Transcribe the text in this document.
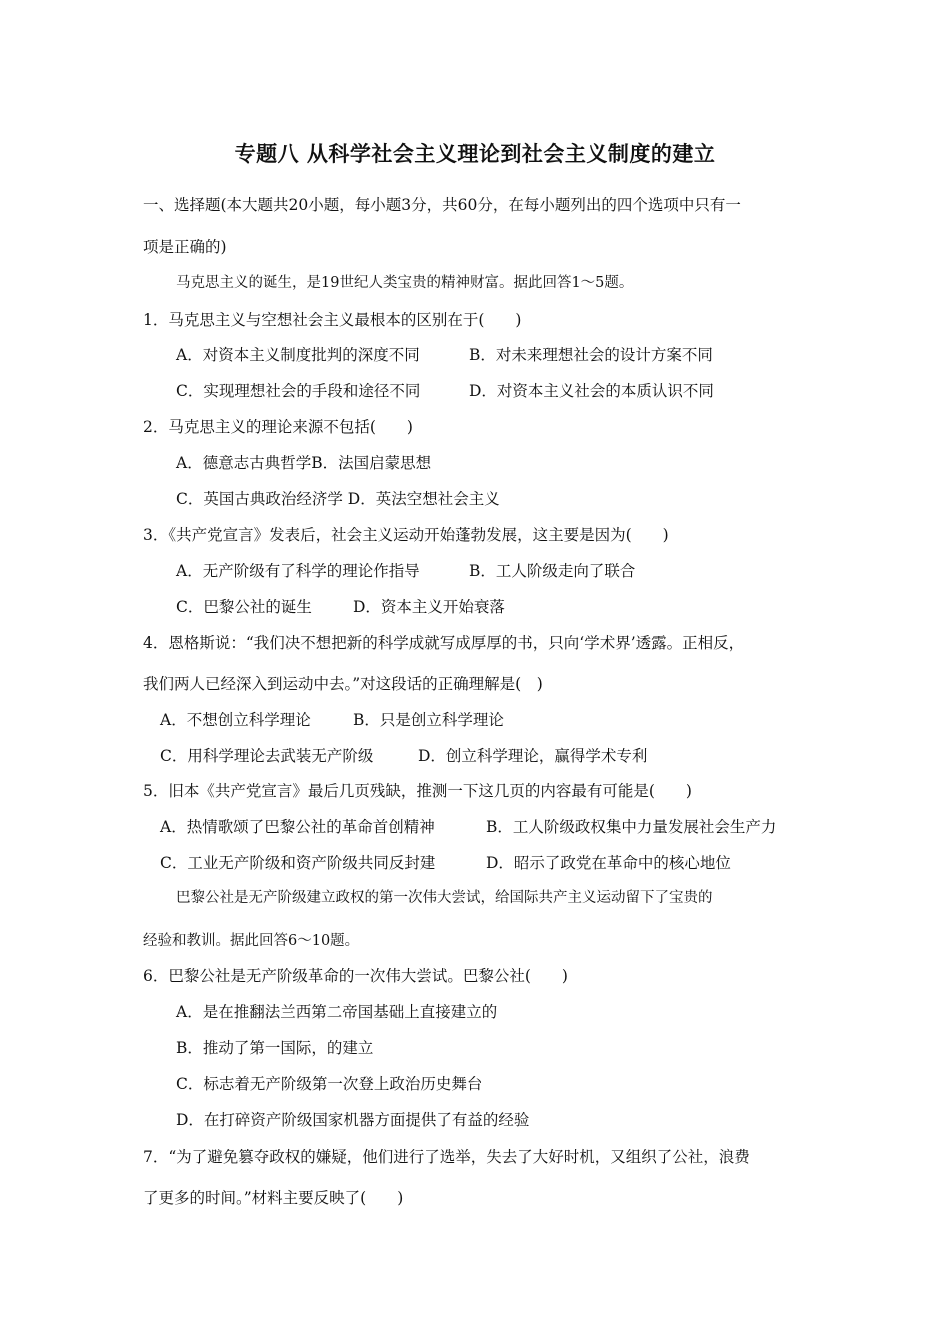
专题八 从科学社会主义理论到社会主义制度的建立
一、选择题(本大题共20小题，每小题3分，共60分，在每小题列出的四个选项中只有一
项是正确的)
马克思主义的诞生，是19世纪人类宝贵的精神财富。据此回答1～5题。
1．马克思主义与空想社会主义最根本的区别在于(　　)
A．对资本主义制度批判的深度不同	B．对未来理想社会的设计方案不同
C．实现理想社会的手段和途径不同	D．对资本主义社会的本质认识不同
2．马克思主义的理论来源不包括(　　)
A．德意志古典哲学B．法国启蒙思想
C．英国古典政治经济学 D．英法空想社会主义
3．《共产党宣言》发表后，社会主义运动开始蓬勃发展，这主要是因为(　　)
A．无产阶级有了科学的理论作指导	B．工人阶级走向了联合
C．巴黎公社的诞生	D．资本主义开始衰落
4．恩格斯说：“我们决不想把新的科学成就写成厚厚的书，只向‘学术界’透露。正相反，
我们两人已经深入到运动中去。”对这段话的正确理解是(　)
A．不想创立科学理论	B．只是创立科学理论
C．用科学理论去武装无产阶级	D．创立科学理论，赢得学术专利
5．旧本《共产党宣言》最后几页残缺，推测一下这几页的内容最有可能是(　　)
A．热情歌颂了巴黎公社的革命首创精神	B．工人阶级政权集中力量发展社会生产力
C．工业无产阶级和资产阶级共同反封建	D．昭示了政党在革命中的核心地位
巴黎公社是无产阶级建立政权的第一次伟大尝试，给国际共产主义运动留下了宝贵的
经验和教训。据此回答6～10题。
6．巴黎公社是无产阶级革命的一次伟大尝试。巴黎公社(　　)
A．是在推翻法兰西第二帝国基础上直接建立的
B．推动了第一国际，的建立
C．标志着无产阶级第一次登上政治历史舞台
D．在打碎资产阶级国家机器方面提供了有益的经验
7．“为了避免篡夺政权的嫌疑，他们进行了选举，失去了大好时机，又组织了公社，浪费
了更多的时间。”材料主要反映了(　　)
